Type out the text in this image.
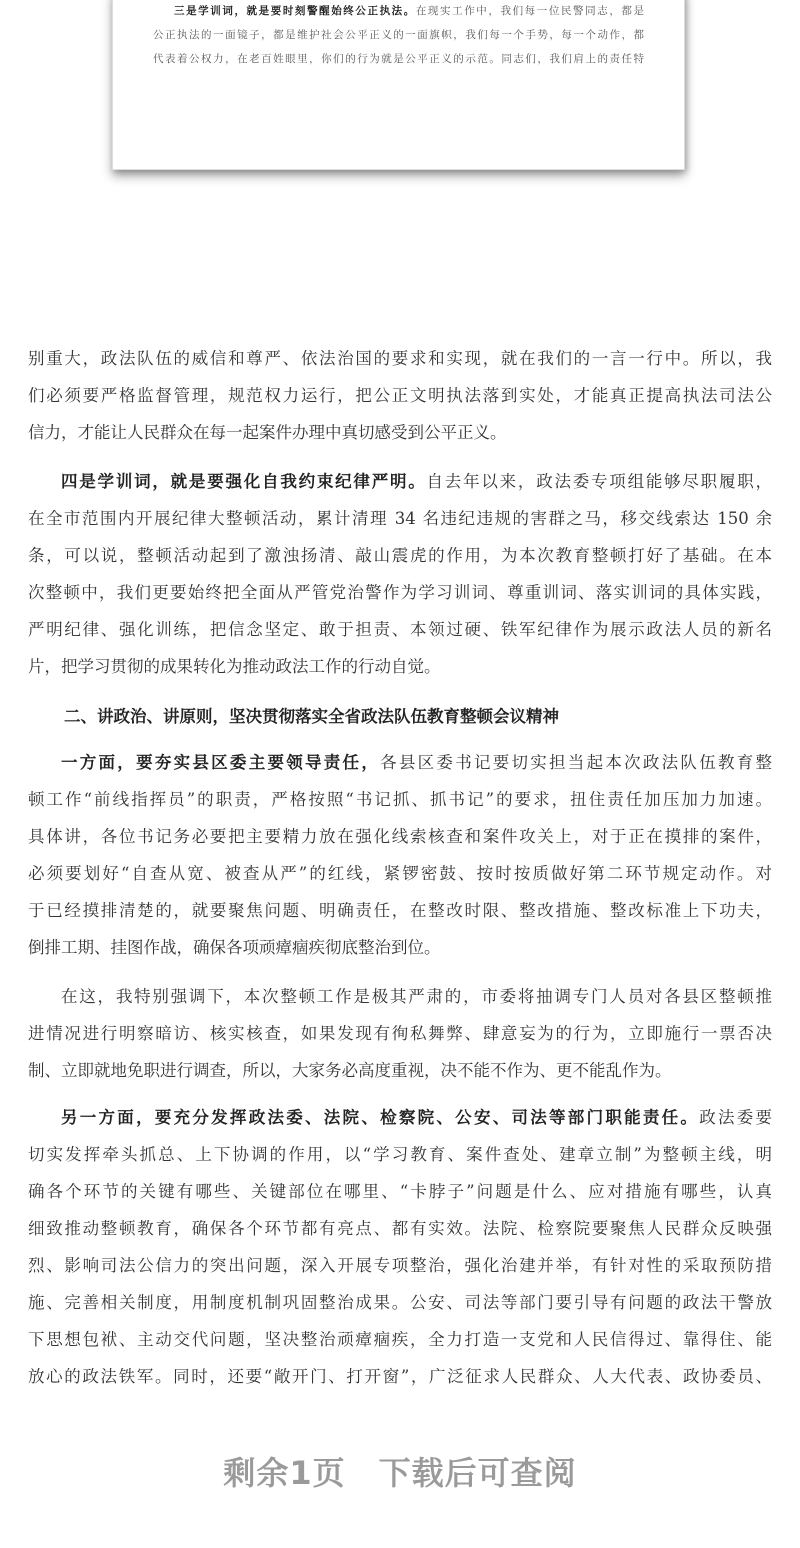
三是学训词，就是要时刻警醒始终公正执法。在现实工作中，我们每一位民警同志，都是
公正执法的一面镜子，都是维护社会公平正义的一面旗帜，我们每一个手势，每一个动作，都
代表着公权力，在老百姓眼里，你们的行为就是公平正义的示范。同志们，我们肩上的责任特
别重大，政法队伍的威信和尊严、依法治国的要求和实现，就在我们的一言一行中。所以，我
们必须要严格监督管理，规范权力运行，把公正文明执法落到实处，才能真正提高执法司法公
信力，才能让人民群众在每一起案件办理中真切感受到公平正义。
四是学训词，就是要强化自我约束纪律严明。自去年以来，政法委专项组能够尽职履职，
在全市范围内开展纪律大整顿活动，累计清理 34 名违纪违规的害群之马，移交线索达 150 余
条，可以说，整顿活动起到了激浊扬清、敲山震虎的作用，为本次教育整顿打好了基础。在本
次整顿中，我们更要始终把全面从严管党治警作为学习训词、尊重训词、落实训词的具体实践，
严明纪律、强化训练，把信念坚定、敢于担责、本领过硬、铁军纪律作为展示政法人员的新名
片，把学习贯彻的成果转化为推动政法工作的行动自觉。
一方面，要夯实县区委主要领导责任，各县区委书记要切实担当起本次政法队伍教育整
顿工作“前线指挥员”的职责，严格按照“书记抓、抓书记”的要求，扭住责任加压加力加速。
具体讲，各位书记务必要把主要精力放在强化线索核查和案件攻关上，对于正在摸排的案件，
必须要划好“自查从宽、被查从严”的红线，紧锣密鼓、按时按质做好第二环节规定动作。对
于已经摸排清楚的，就要聚焦问题、明确责任，在整改时限、整改措施、整改标准上下功夫，
倒排工期、挂图作战，确保各项顽瘴痼疾彻底整治到位。
在这，我特别强调下，本次整顿工作是极其严肃的，市委将抽调专门人员对各县区整顿推
进情况进行明察暗访、核实核查，如果发现有徇私舞弊、肆意妄为的行为，立即施行一票否决
制、立即就地免职进行调查，所以，大家务必高度重视，决不能不作为、更不能乱作为。
另一方面，要充分发挥政法委、法院、检察院、公安、司法等部门职能责任。政法委要
切实发挥牵头抓总、上下协调的作用，以“学习教育、案件查处、建章立制”为整顿主线，明
确各个环节的关键有哪些、关键部位在哪里、“卡脖子”问题是什么、应对措施有哪些，认真
细致推动整顿教育，确保各个环节都有亮点、都有实效。法院、检察院要聚焦人民群众反映强
烈、影响司法公信力的突出问题，深入开展专项整治，强化治建并举，有针对性的采取预防措
施、完善相关制度，用制度机制巩固整治成果。公安、司法等部门要引导有问题的政法干警放
下思想包袱、主动交代问题，坚决整治顽瘴痼疾，全力打造一支党和人民信得过、靠得住、能
放心的政法铁军。同时，还要“敞开门、打开窗”，广泛征求人民群众、人大代表、政协委员、
二、讲政治、讲原则，坚决贯彻落实全省政法队伍教育整顿会议精神
剩余1页　下载后可查阅
